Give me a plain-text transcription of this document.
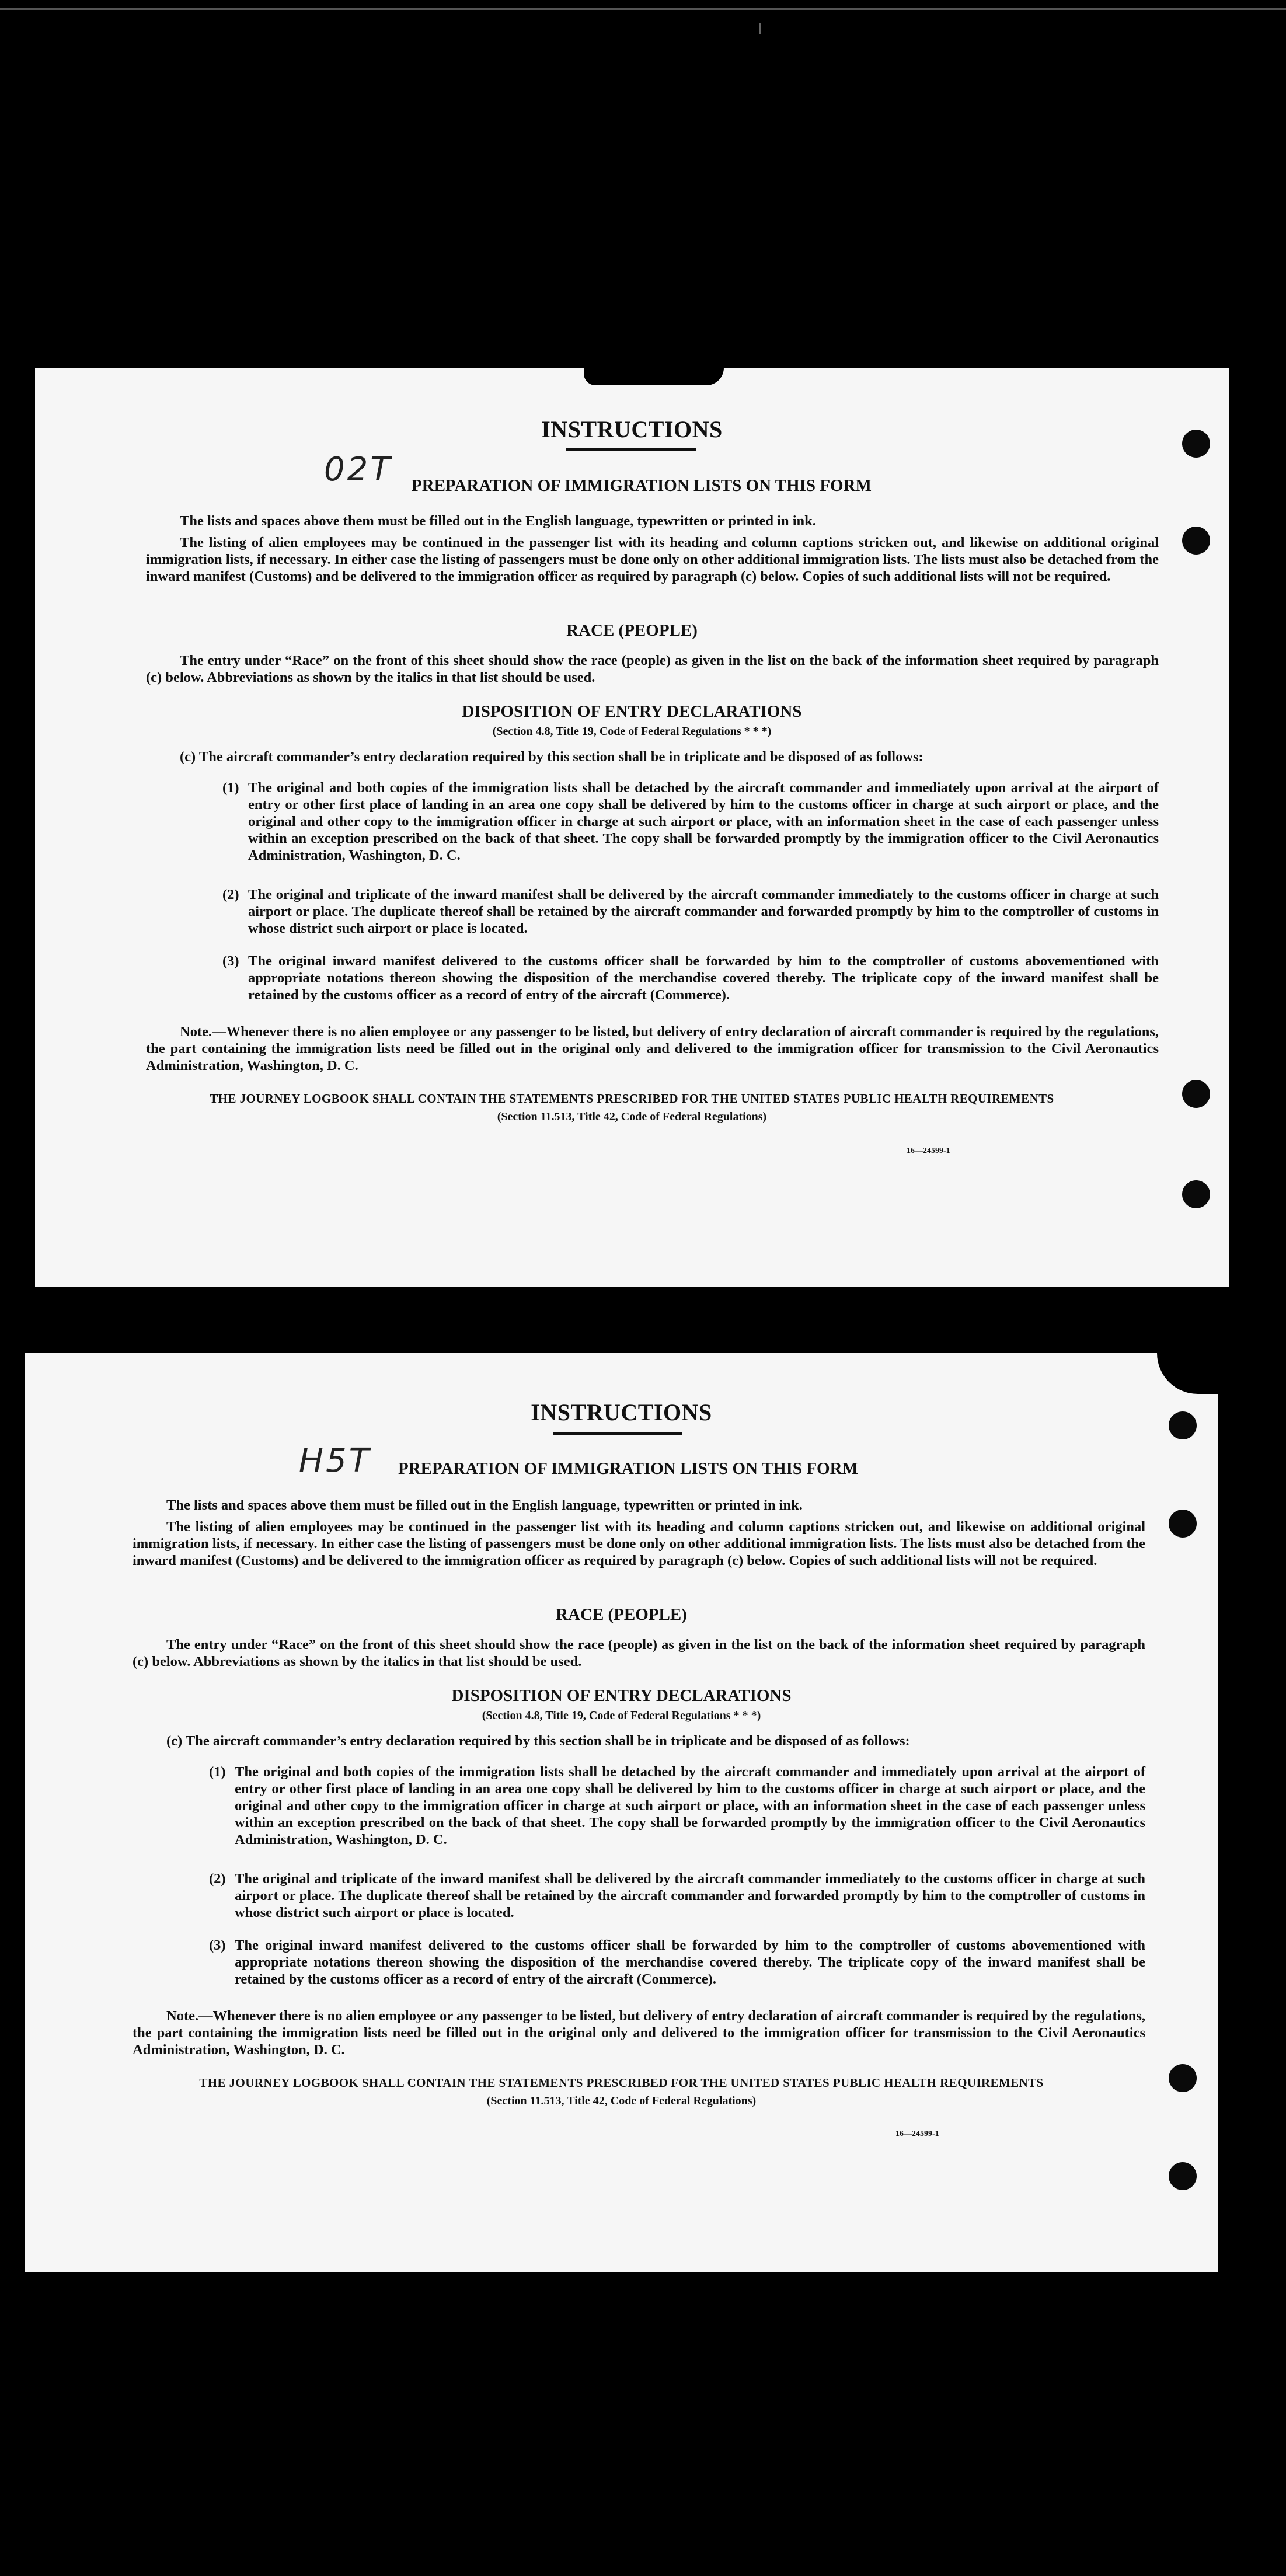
INSTRUCTIONS
02T PREPARATION OF IMMIGRATION LISTS ON THIS FORM
The lists and spaces above them must be filled out in the English language, typewritten or printed in ink.
The listing of alien employees may be continued in the passenger list with its heading and column captions stricken out, and likewise on additional original immigration lists, if necessary. In either case the listing of passengers must be done only on other additional immigration lists. The lists must also be detached from the inward manifest (Customs) and be delivered to the immigration officer as required by paragraph (c) below. Copies of such additional lists will not be required.
RACE (PEOPLE)
The entry under “Race” on the front of this sheet should show the race (people) as given in the list on the back of the information sheet required by paragraph (c) below. Abbreviations as shown by the italics in that list should be used.
DISPOSITION OF ENTRY DECLARATIONS
(Section 4.8, Title 19, Code of Federal Regulations * * *)
(c) The aircraft commander’s entry declaration required by this section shall be in triplicate and be disposed of as follows:
(1) The original and both copies of the immigration lists shall be detached by the aircraft commander and immediately upon arrival at the airport of entry or other first place of landing in an area one copy shall be delivered by him to the customs officer in charge at such airport or place, and the original and other copy to the immigration officer in charge at such airport or place, with an information sheet in the case of each passenger unless within an exception prescribed on the back of that sheet. The copy shall be forwarded promptly by the immigration officer to the Civil Aeronautics Administration, Washington, D. C.
(2) The original and triplicate of the inward manifest shall be delivered by the aircraft commander immediately to the customs officer in charge at such airport or place. The duplicate thereof shall be retained by the aircraft commander and forwarded promptly by him to the comptroller of customs in whose district such airport or place is located.
(3) The original inward manifest delivered to the customs officer shall be forwarded by him to the comptroller of customs abovementioned with appropriate notations thereon showing the disposition of the merchandise covered thereby. The triplicate copy of the inward manifest shall be retained by the customs officer as a record of entry of the aircraft (Commerce).
Note.—Whenever there is no alien employee or any passenger to be listed, but delivery of entry declaration of aircraft commander is required by the regulations, the part containing the immigration lists need be filled out in the original only and delivered to the immigration officer for transmission to the Civil Aeronautics Administration, Washington, D. C.
THE JOURNEY LOGBOOK SHALL CONTAIN THE STATEMENTS PRESCRIBED FOR THE UNITED STATES PUBLIC HEALTH REQUIREMENTS
(Section 11.513, Title 42, Code of Federal Regulations)
16—24599-1
INSTRUCTIONS
H5T PREPARATION OF IMMIGRATION LISTS ON THIS FORM
The lists and spaces above them must be filled out in the English language, typewritten or printed in ink.
The listing of alien employees may be continued in the passenger list with its heading and column captions stricken out, and likewise on additional original immigration lists, if necessary. In either case the listing of passengers must be done only on other additional immigration lists. The lists must also be detached from the inward manifest (Customs) and be delivered to the immigration officer as required by paragraph (c) below. Copies of such additional lists will not be required.
RACE (PEOPLE)
The entry under “Race” on the front of this sheet should show the race (people) as given in the list on the back of the information sheet required by paragraph (c) below. Abbreviations as shown by the italics in that list should be used.
DISPOSITION OF ENTRY DECLARATIONS
(Section 4.8, Title 19, Code of Federal Regulations * * *)
(c) The aircraft commander’s entry declaration required by this section shall be in triplicate and be disposed of as follows:
(1) The original and both copies of the immigration lists shall be detached by the aircraft commander and immediately upon arrival at the airport of entry or other first place of landing in an area one copy shall be delivered by him to the customs officer in charge at such airport or place, and the original and other copy to the immigration officer in charge at such airport or place, with an information sheet in the case of each passenger unless within an exception prescribed on the back of that sheet. The copy shall be forwarded promptly by the immigration officer to the Civil Aeronautics Administration, Washington, D. C.
(2) The original and triplicate of the inward manifest shall be delivered by the aircraft commander immediately to the customs officer in charge at such airport or place. The duplicate thereof shall be retained by the aircraft commander and forwarded promptly by him to the comptroller of customs in whose district such airport or place is located.
(3) The original inward manifest delivered to the customs officer shall be forwarded by him to the comptroller of customs abovementioned with appropriate notations thereon showing the disposition of the merchandise covered thereby. The triplicate copy of the inward manifest shall be retained by the customs officer as a record of entry of the aircraft (Commerce).
Note.—Whenever there is no alien employee or any passenger to be listed, but delivery of entry declaration of aircraft commander is required by the regulations, the part containing the immigration lists need be filled out in the original only and delivered to the immigration officer for transmission to the Civil Aeronautics Administration, Washington, D. C.
THE JOURNEY LOGBOOK SHALL CONTAIN THE STATEMENTS PRESCRIBED FOR THE UNITED STATES PUBLIC HEALTH REQUIREMENTS
(Section 11.513, Title 42, Code of Federal Regulations)
16—24599-1
